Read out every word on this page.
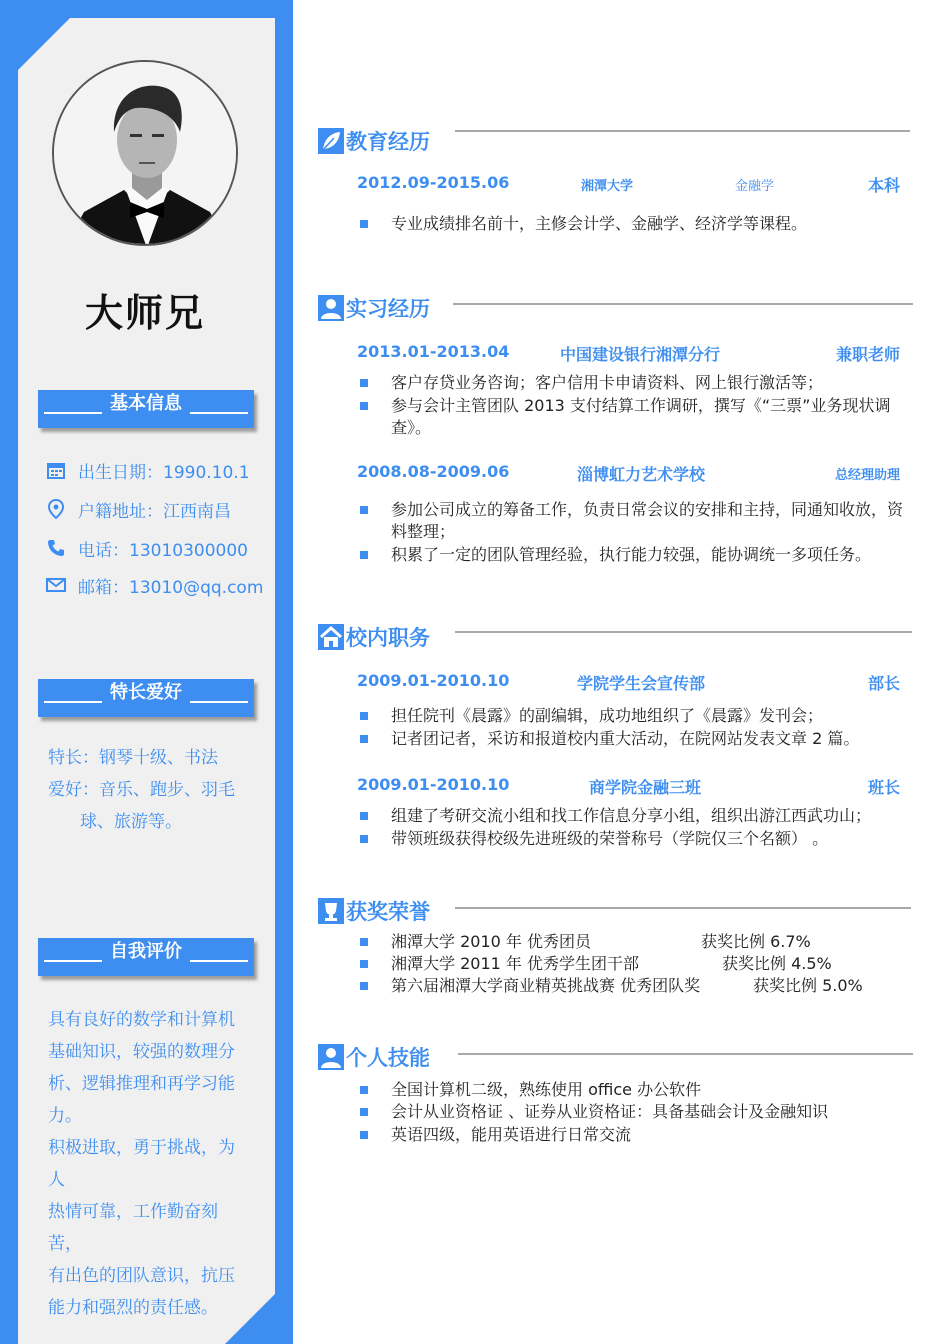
大师兄
基本信息
出生日期：1990.10.1
户籍地址：江西南昌
电话：13010300000
邮箱：13010@qq.com
特长爱好
特长：钢琴十级、书法
爱好：音乐、跑步、羽毛
球、旅游等。
自我评价
具有良好的数学和计算机
基础知识，较强的数理分
析、逻辑推理和再学习能
力。
积极进取，勇于挑战，为人
热情可靠，工作勤奋刻苦，
有出色的团队意识，抗压
能力和强烈的责任感。
教育经历
2012.09-2015.06	湘潭大学	金融学	本科
专业成绩排名前十，主修会计学、金融学、经济学等课程。
实习经历
2013.01-2013.04	中国建设银行湘潭分行	兼职老师
客户存贷业务咨询；客户信用卡申请资料、网上银行激活等；
参与会计主管团队 2013 支付结算工作调研，撰写《“三票”业务现状调查》。
2008.08-2009.06	淄博虹力艺术学校	总经理助理
参加公司成立的筹备工作，负责日常会议的安排和主持，同通知收放，资料整理；
积累了一定的团队管理经验，执行能力较强，能协调统一多项任务。
校内职务
2009.01-2010.10	学院学生会宣传部	部长
担任院刊《晨露》的副编辑，成功地组织了《晨露》发刊会；
记者团记者，采访和报道校内重大活动，在院网站发表文章 2 篇。
2009.01-2010.10	商学院金融三班	班长
组建了考研交流小组和找工作信息分享小组，组织出游江西武功山；
带领班级获得校级先进班级的荣誉称号（学院仅三个名额） 。
获奖荣誉
湘潭大学 2010 年 优秀团员	获奖比例 6.7%
湘潭大学 2011 年 优秀学生团干部	获奖比例 4.5%
第六届湘潭大学商业精英挑战赛 优秀团队奖	获奖比例 5.0%
个人技能
全国计算机二级，熟练使用 office 办公软件
会计从业资格证 、证券从业资格证：具备基础会计及金融知识
英语四级，能用英语进行日常交流
